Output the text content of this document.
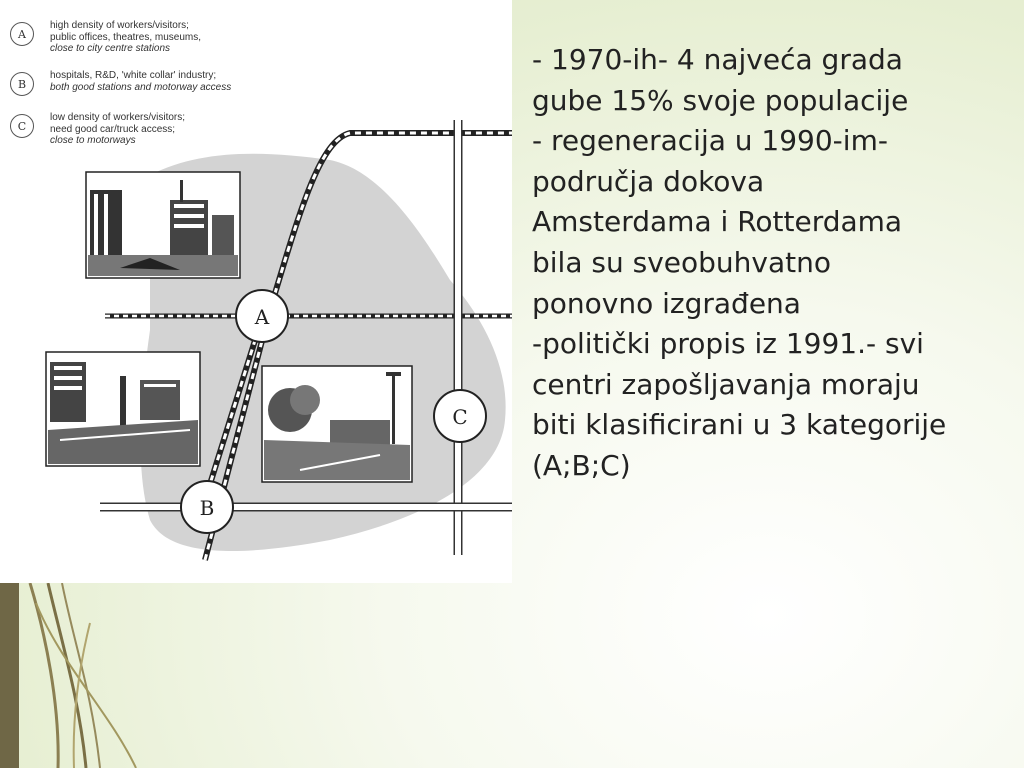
A
B
C
A
high density of workers/visitors;
public offices, theatres, museums,
close to city centre stations
B
hospitals, R&D, 'white collar' industry;
both good stations and motorway access
C
low density of workers/visitors;
need good car/truck access;
close to motorways
- 1970-ih- 4 najveća grada
gube 15% svoje populacije
- regeneracija u 1990-im-
područja dokova
Amsterdama i Rotterdama
bila su sveobuhvatno
ponovno izgrađena
-politički propis iz 1991.- svi
centri zapošljavanja moraju
biti klasificirani u 3 kategorije
(A;B;C)
